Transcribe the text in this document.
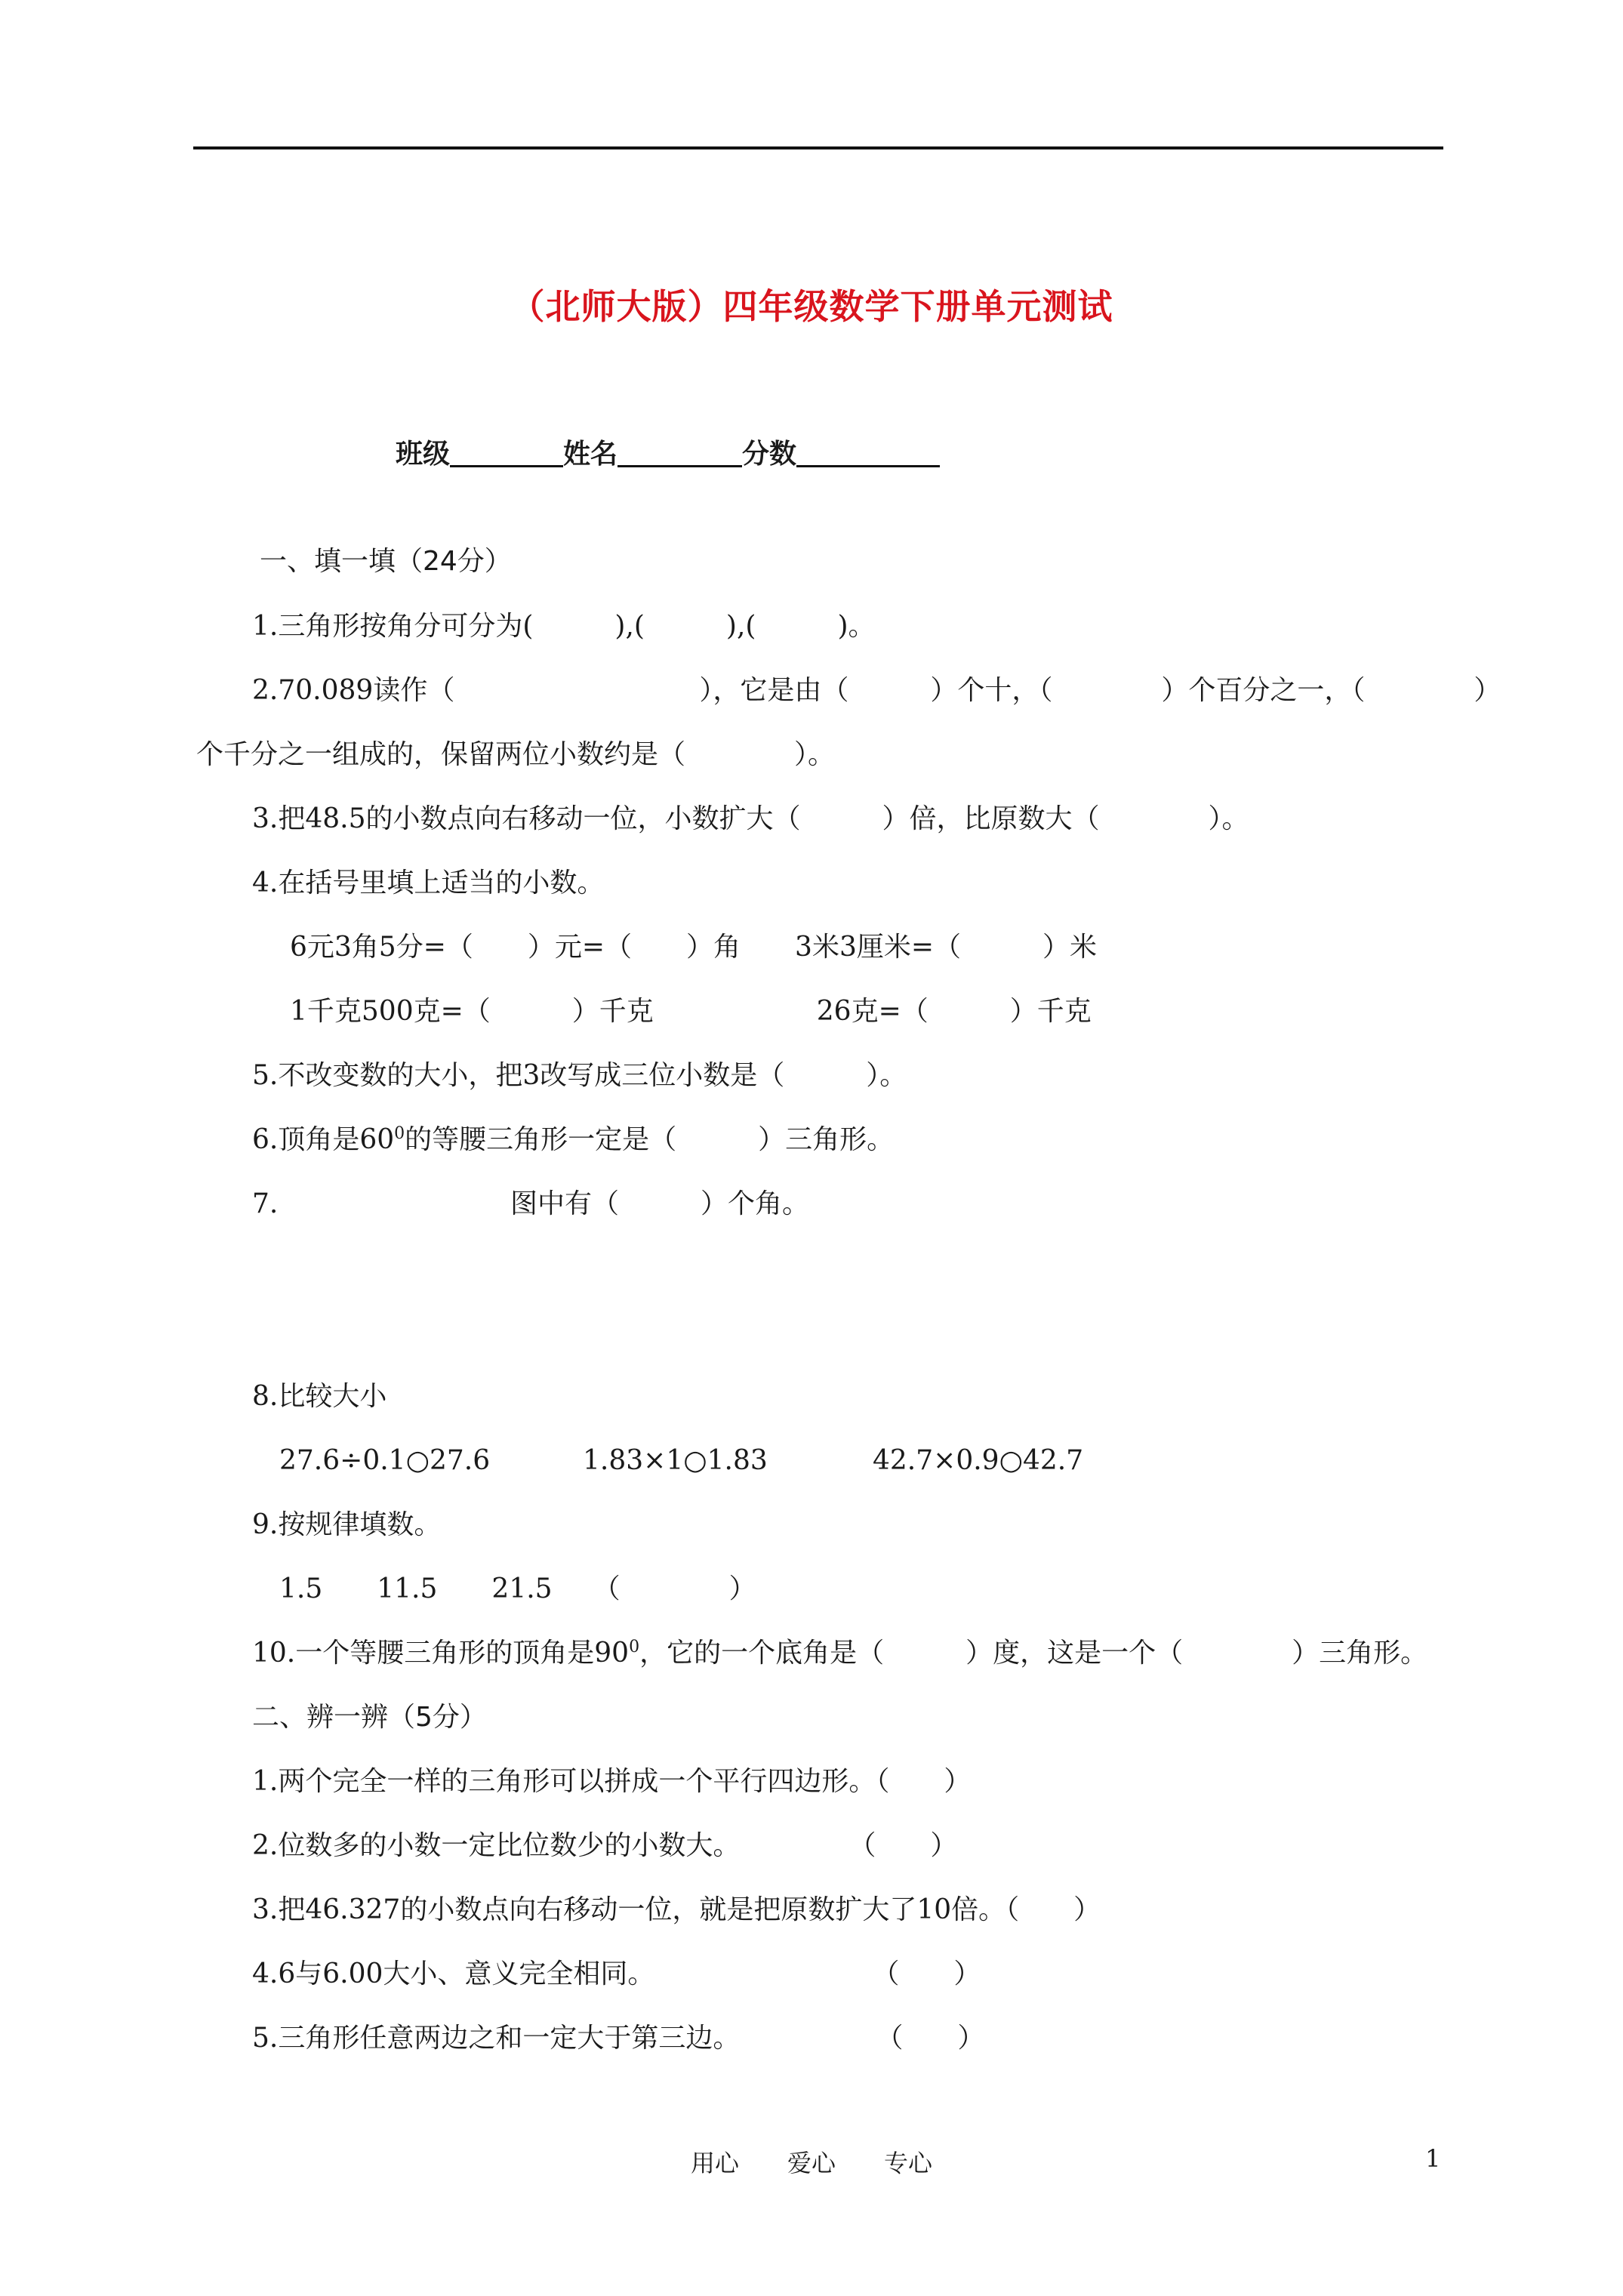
（北师大版）四年级数学下册单元测试
班级	姓名	分数
一、填一填（24分）
1.三角形按角分可分为(　　　),(　　　),(　　　)。
2.70.089读作（　　　　　　　　　），它是由（　　　）个十，（　　　　）个百分之一，（　　　　）
个千分之一组成的，保留两位小数约是（　　　　）。
3.把48.5的小数点向右移动一位，小数扩大（　　　）倍，比原数大（　　　　）。
4.在括号里填上适当的小数。
6元3角5分=（　　）元=（　　）角　　3米3厘米=（　　　）米
1千克500克=（　　　）千克　　　　　　26克=（　　　）千克
5.不改变数的大小，把3改写成三位小数是（　　　）。
6.顶角是$60^0$的等腰三角形一定是（　　　）三角形。
7.	图中有（　　　）个角。
8.比较大小
27.6÷0.1○27.6	1.83×1○1.83	42.7×0.9○42.7
9.按规律填数。
1.5　　11.5　　21.5　　（　　　　）
10.一个等腰三角形的顶角是$90^0$，它的一个底角是（　　　）度，这是一个（　　　　）三角形。
二、辨一辨（5分）
1.两个完全一样的三角形可以拼成一个平行四边形。（　　）
2.位数多的小数一定比位数少的小数大。　　　　　（　　）
3.把46.327的小数点向右移动一位，就是把原数扩大了10倍。（　　）
4.6与6.00大小、意义完全相同。　　　　　　　　　（　　）
5.三角形任意两边之和一定大于第三边。　　　　　　（　　）
用心　　爱心　　专心	1
